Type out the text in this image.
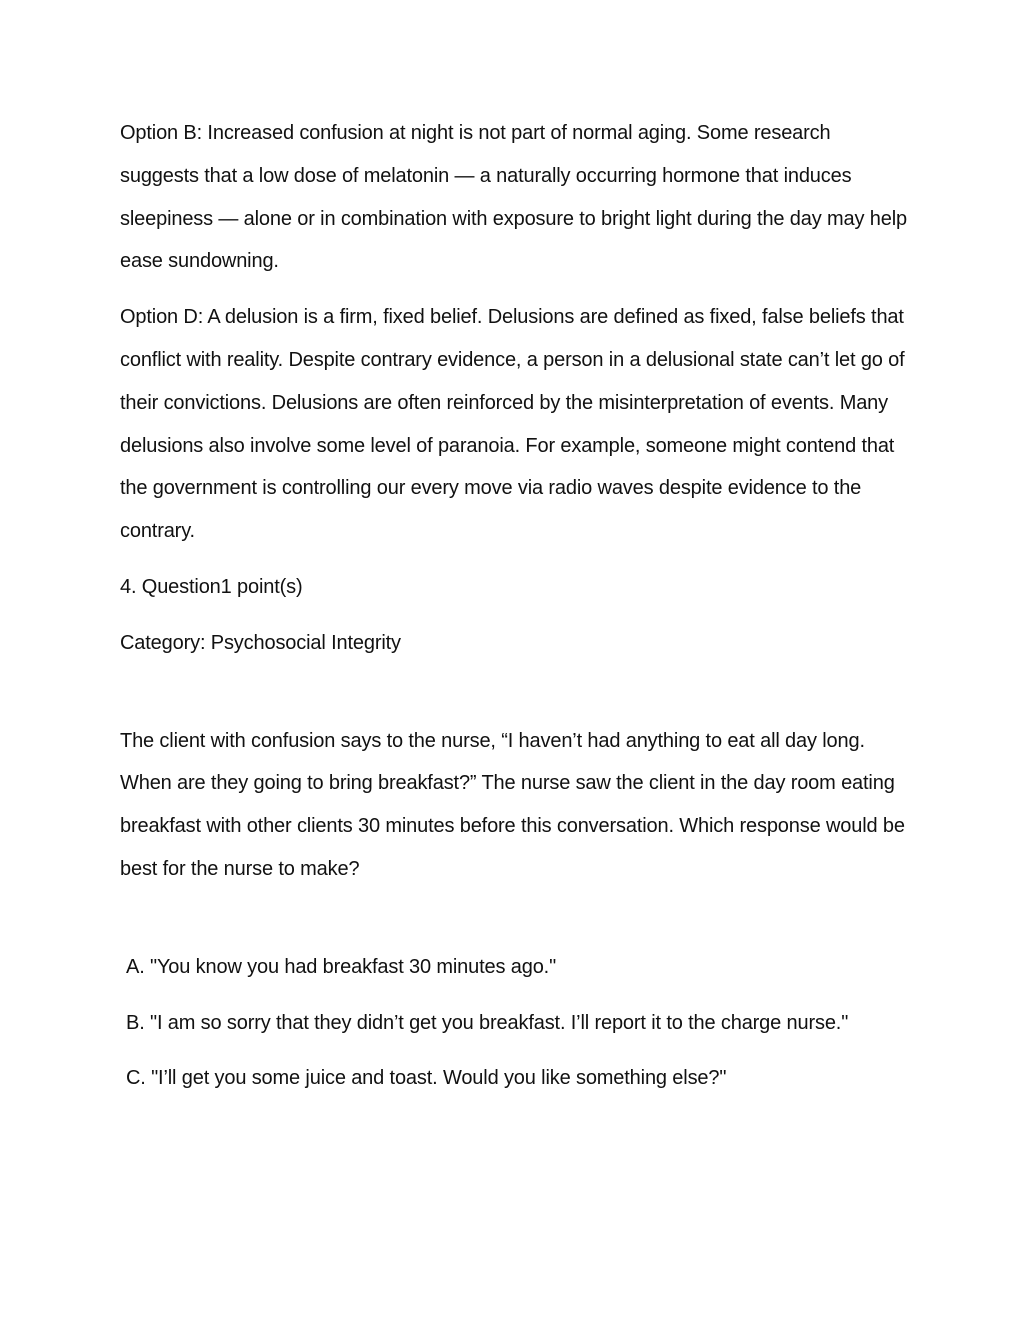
Option B: Increased confusion at night is not part of normal aging. Some research suggests that a low dose of melatonin — a naturally occurring hormone that induces sleepiness — alone or in combination with exposure to bright light during the day may help ease sundowning.

Option D: A delusion is a firm, fixed belief. Delusions are defined as fixed, false beliefs that conflict with reality. Despite contrary evidence, a person in a delusional state can’t let go of their convictions. Delusions are often reinforced by the misinterpretation of events. Many delusions also involve some level of paranoia. For example, someone might contend that the government is controlling our every move via radio waves despite evidence to the contrary.

4. Question1 point(s)

Category: Psychosocial Integrity

The client with confusion says to the nurse, “I haven’t had anything to eat all day long. When are they going to bring breakfast?” The nurse saw the client in the day room eating breakfast with other clients 30 minutes before this conversation. Which response would be best for the nurse to make?

A. "You know you had breakfast 30 minutes ago."

B. "I am so sorry that they didn’t get you breakfast. I’ll report it to the charge nurse."

C. "I’ll get you some juice and toast. Would you like something else?"
